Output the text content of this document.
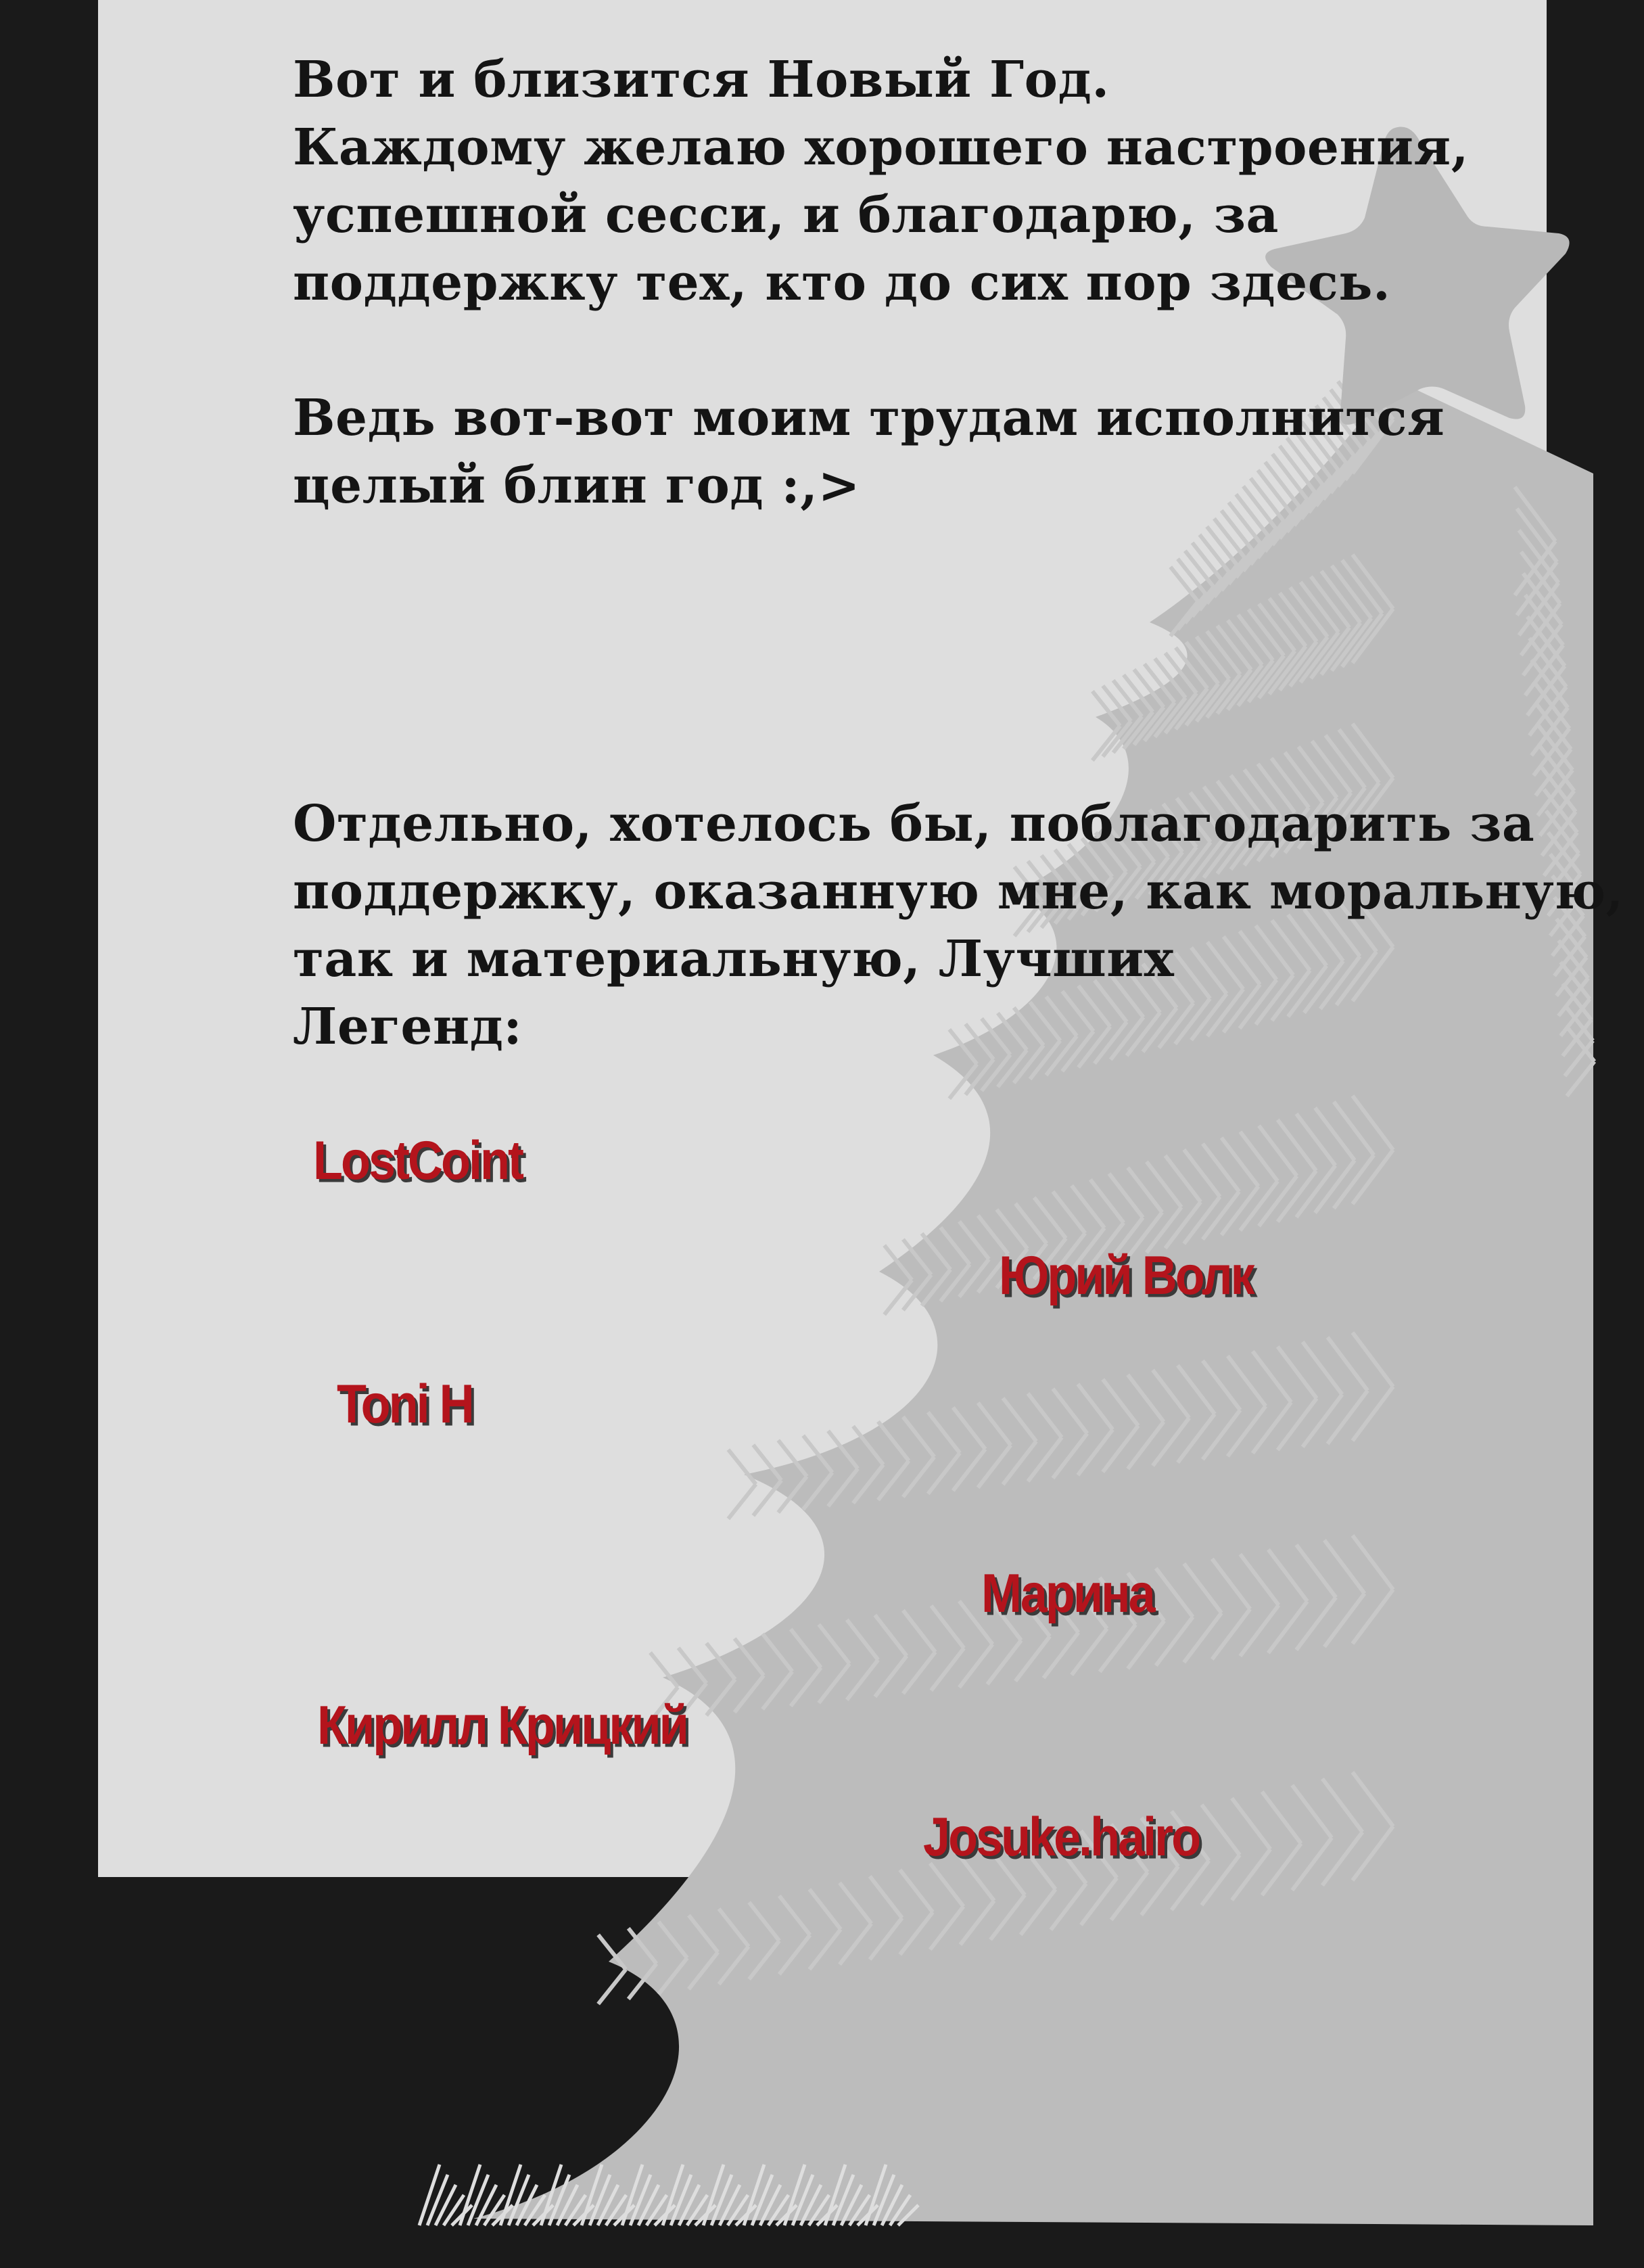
Вот и близится Новый Год.

Каждому желаю хорошего настроения,

успешной сесси, и благодарю, за

поддержку тех, кто до сих пор здесь.

Ведь вот-вот моим трудам исполнится

целый блин год :,>

Отдельно, хотелось бы, поблагодарить за

поддержку, оказанную мне, как моральную,

так и материальную, Лучших

Легенд:

LostCoint
Юрий Волк
Toni H
Марина
Кирилл Крицкий
Josuke.hairo
